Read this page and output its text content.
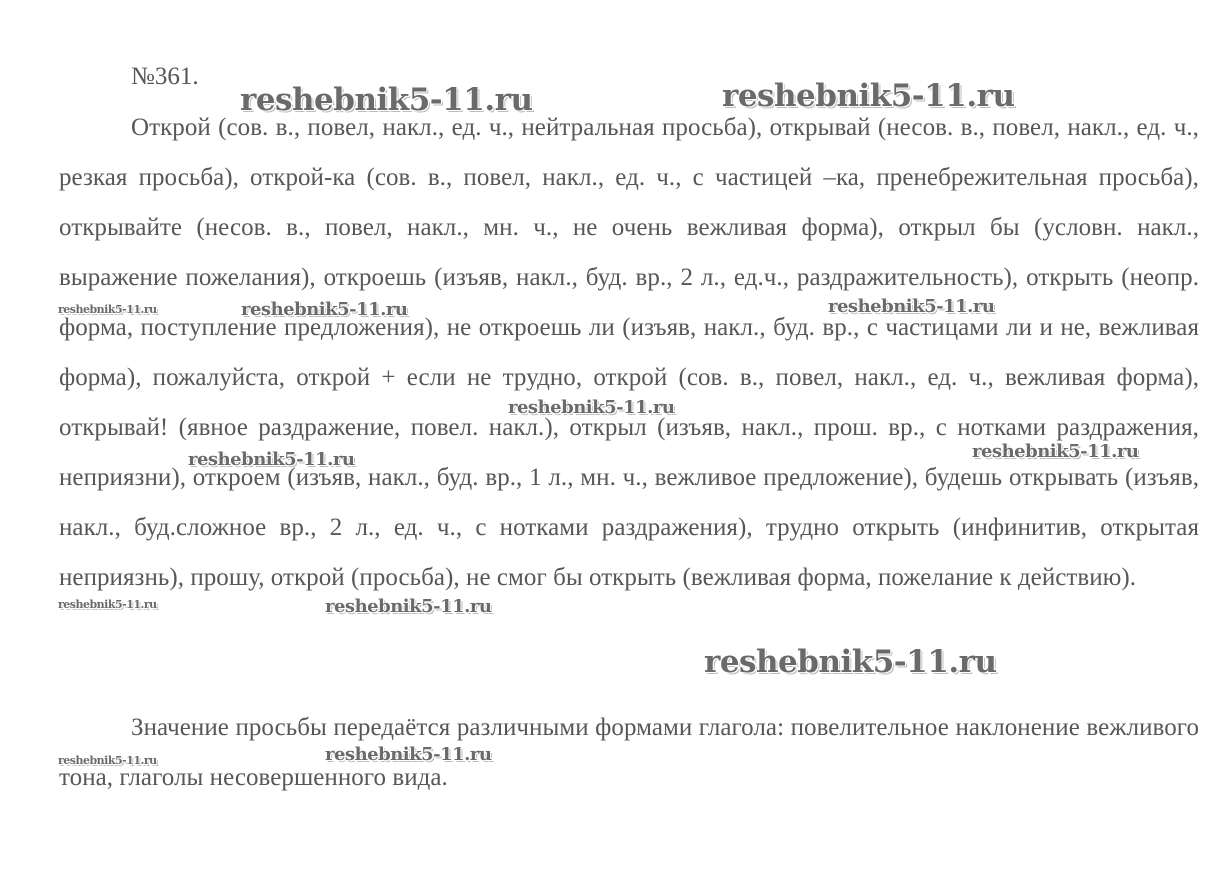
№361.

Открой (сов. в., повел, накл., ед. ч., нейтральная просьба), открывай (несов. в., повел, накл., ед. ч., резкая просьба), открой-ка (сов. в., повел, накл., ед. ч., с частицей –ка, пренебрежительная просьба), открывайте (несов. в., повел, накл., мн. ч., не очень вежливая форма), открыл бы (условн. накл., выражение пожелания), откроешь (изъяв, накл., буд. вр., 2 л., ед.ч., раздражительность), открыть (неопр. форма, поступление предложения), не откроешь ли (изъяв, накл., буд. вр., с частицами ли и не, вежливая форма), пожалуйста, открой + если не трудно, открой (сов. в., повел, накл., ед. ч., вежливая форма), открывай! (явное раздражение, повел. накл.), открыл (изъяв, накл., прош. вр., с нотками раздражения, неприязни), откроем (изъяв, накл., буд. вр., 1 л., мн. ч., вежливое предложение), будешь открывать (изъяв, накл., буд.сложное вр., 2 л., ед. ч., с нотками раздражения), трудно открыть (инфинитив, открытая неприязнь), прошу, открой (просьба), не смог бы открыть (вежливая форма, пожелание к действию).

Значение просьбы передаётся различными формами глагола: повелительное наклонение вежливого тона, глаголы несовершенного вида.

reshebnik5-11.ru	reshebnik5-11.ru
reshebnik5-11.ru	reshebnik5-11.ru	reshebnik5-11.ru
reshebnik5-11.ru
reshebnik5-11.ru	reshebnik5-11.ru
reshebnik5-11.ru	reshebnik5-11.ru
reshebnik5-11.ru
reshebnik5-11.ru	reshebnik5-11.ru
